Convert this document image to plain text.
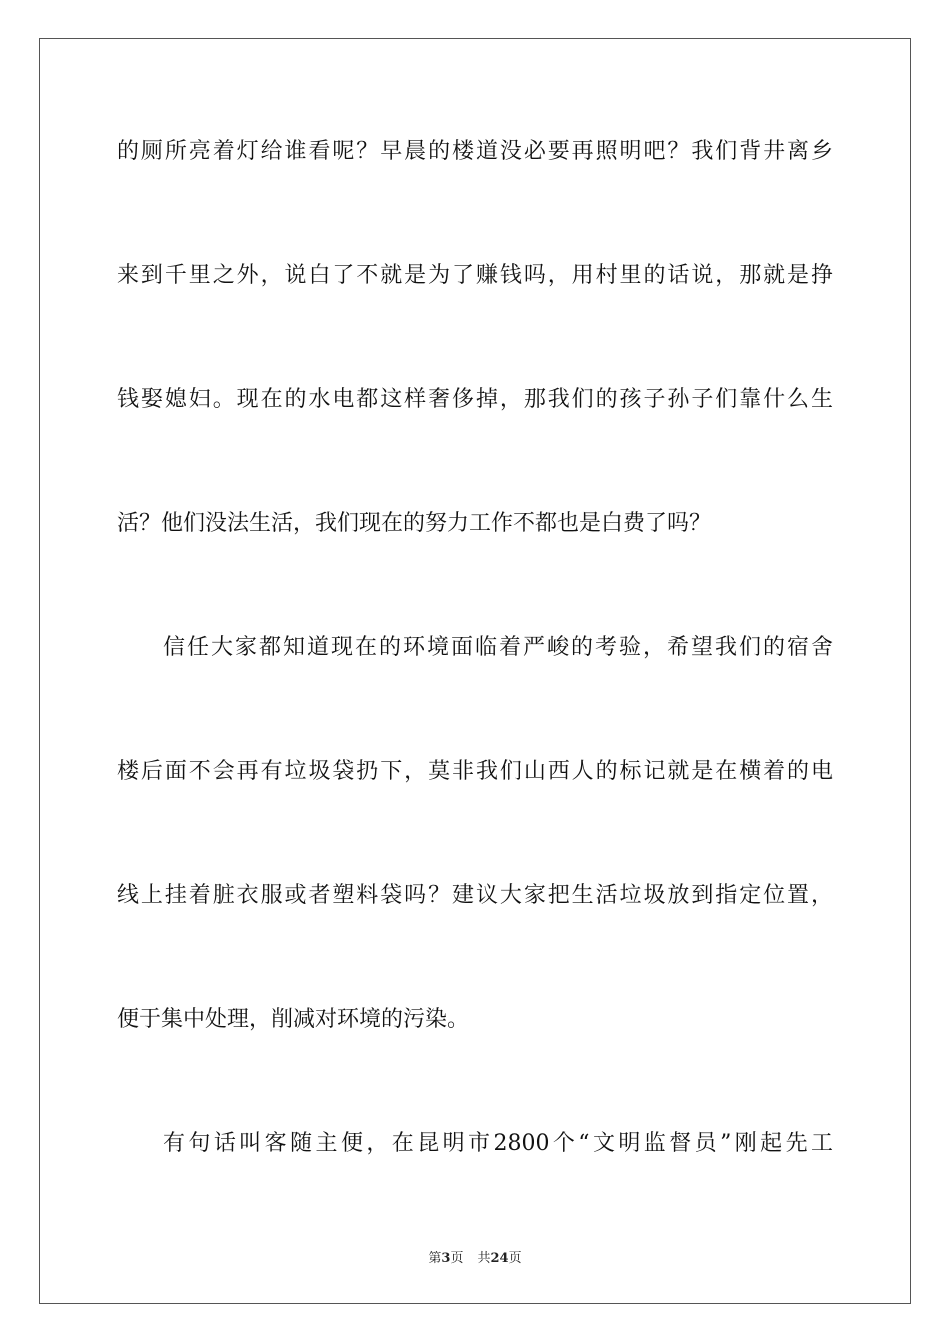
的厕所亮着灯给谁看呢？早晨的楼道没必要再照明吧？我们背井离乡
来到千里之外，说白了不就是为了赚钱吗，用村里的话说，那就是挣
钱娶媳妇。现在的水电都这样奢侈掉，那我们的孩子孙子们靠什么生
活？他们没法生活，我们现在的努力工作不都也是白费了吗？
信任大家都知道现在的环境面临着严峻的考验，希望我们的宿舍
楼后面不会再有垃圾袋扔下，莫非我们山西人的标记就是在横着的电
线上挂着脏衣服或者塑料袋吗？建议大家把生活垃圾放到指定位置，
便于集中处理，削减对环境的污染。
有句话叫客随主便，在昆明市2800个“文明监督员”刚起先工
第3页 共24页
